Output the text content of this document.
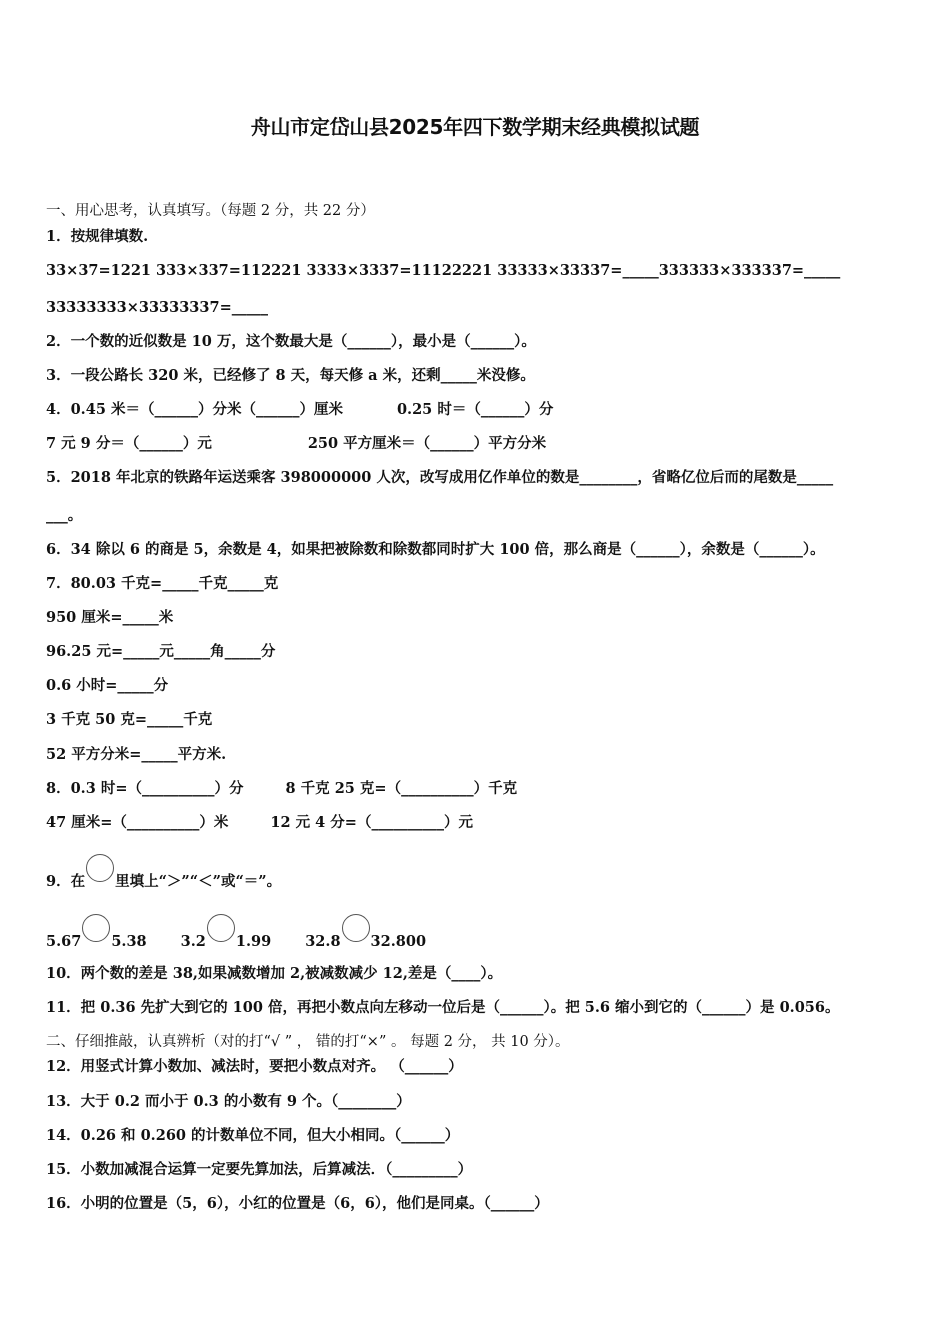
舟山市定岱山县2025年四下数学期末经典模拟试题
一、用心思考，认真填写。（每题 2 分，共 22 分）
1．按规律填数.
33×37=1221 333×337=112221 3333×3337=11122221 33333×33337=_____333333×333337=_____
33333333×33333337=_____
2．一个数的近似数是 10 万，这个数最大是（______），最小是（______）。
3．一段公路长 320 米，已经修了 8 天，每天修 a 米，还剩_____米没修。
4．0.45 米＝（______）分米（______）厘米	0.25 时＝（______）分
7 元 9 分＝（______）元	250 平方厘米＝（______）平方分米
5．2018 年北京的铁路年运送乘客 398000000 人次，改写成用亿作单位的数是________，省略亿位后而的尾数是_____
___。
6．34 除以 6 的商是 5，余数是 4，如果把被除数和除数都同时扩大 100 倍，那么商是（______），余数是（______）。
7．80.03 千克=_____千克_____克
950 厘米=_____米
96.25 元=_____元_____角_____分
0.6 小时=_____分
3 千克 50 克=_____千克
52 平方分米=_____平方米.
8．0.3 时=（__________）分	8 千克 25 克=（__________）千克
47 厘米=（__________）米	12 元 4 分=（__________）元
9．在 里填上“＞”“＜”或“＝”。
5.67 5.38 3.2 1.99 32.8 32.800
10．两个数的差是 38,如果减数增加 2,被减数减少 12,差是（____）。
11．把 0.36 先扩大到它的 100 倍，再把小数点向左移动一位后是（______）。把 5.6 缩小到它的（______）是 0.056。
二、仔细推敲，认真辨析（对的打“√ ” ， 错的打“×” 。 每题 2 分， 共 10 分）。
12．用竖式计算小数加、减法时，要把小数点对齐。 （______）
13．大于 0.2 而小于 0.3 的小数有 9 个。（________）
14．0.26 和 0.260 的计数单位不同，但大小相同。（______）
15．小数加减混合运算一定要先算加法，后算减法．（_________）
16．小明的位置是（5，6），小红的位置是（6，6），他们是同桌。（______）
